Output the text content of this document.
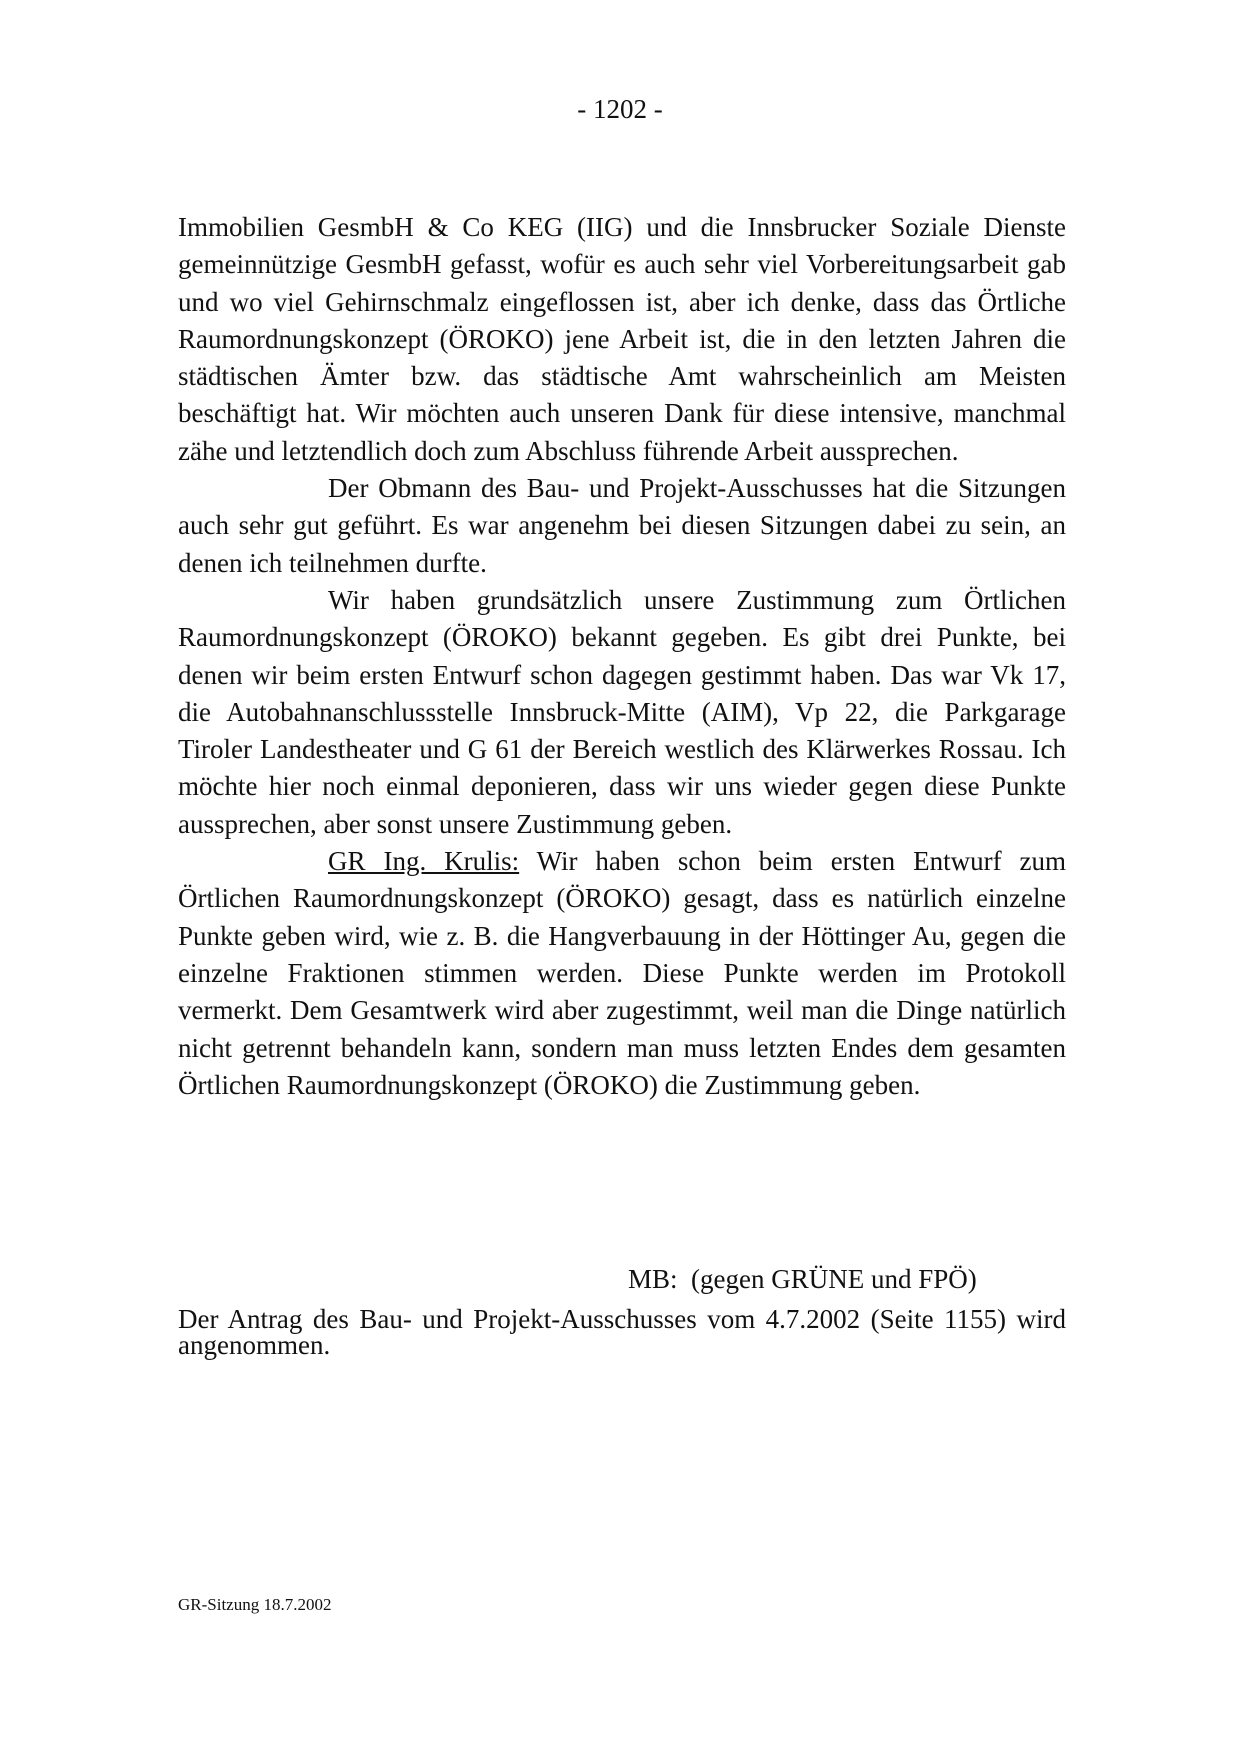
- 1202 -

Immobilien GesmbH & Co KEG (IIG) und die Innsbrucker Soziale Dienste gemeinnützige GesmbH gefasst, wofür es auch sehr viel Vorbereitungsarbeit gab und wo viel Gehirnschmalz eingeflossen ist, aber ich denke, dass das Örtliche Raumordnungskonzept (ÖROKO) jene Arbeit ist, die in den letzten Jahren die städtischen Ämter bzw. das städtische Amt wahrscheinlich am Meisten beschäftigt hat. Wir möchten auch unseren Dank für diese intensive, manchmal zähe und letztendlich doch zum Abschluss führende Arbeit aussprechen.

Der Obmann des Bau- und Projekt-Ausschusses hat die Sitzungen auch sehr gut geführt. Es war angenehm bei diesen Sitzungen dabei zu sein, an denen ich teilnehmen durfte.

Wir haben grundsätzlich unsere Zustimmung zum Örtlichen Raumordnungskonzept (ÖROKO) bekannt gegeben. Es gibt drei Punkte, bei denen wir beim ersten Entwurf schon dagegen gestimmt haben. Das war Vk 17, die Autobahnanschlussstelle Innsbruck-Mitte (AIM), Vp 22, die Parkgarage Tiroler Landestheater und G 61 der Bereich westlich des Klärwerkes Rossau. Ich möchte hier noch einmal deponieren, dass wir uns wieder gegen diese Punkte aussprechen, aber sonst unsere Zustimmung geben.

GR Ing. Krulis: Wir haben schon beim ersten Entwurf zum Örtlichen Raumordnungskonzept (ÖROKO) gesagt, dass es natürlich einzelne Punkte geben wird, wie z. B. die Hangverbauung in der Höttinger Au, gegen die einzelne Fraktionen stimmen werden. Diese Punkte werden im Protokoll vermerkt. Dem Gesamtwerk wird aber zugestimmt, weil man die Dinge natürlich nicht getrennt behandeln kann, sondern man muss letzten Endes dem gesamten Örtlichen Raumordnungskonzept (ÖROKO) die Zustimmung geben.

MB: (gegen GRÜNE und FPÖ)
Der Antrag des Bau- und Projekt-Ausschusses vom 4.7.2002 (Seite 1155) wird angenommen.
GR-Sitzung 18.7.2002
